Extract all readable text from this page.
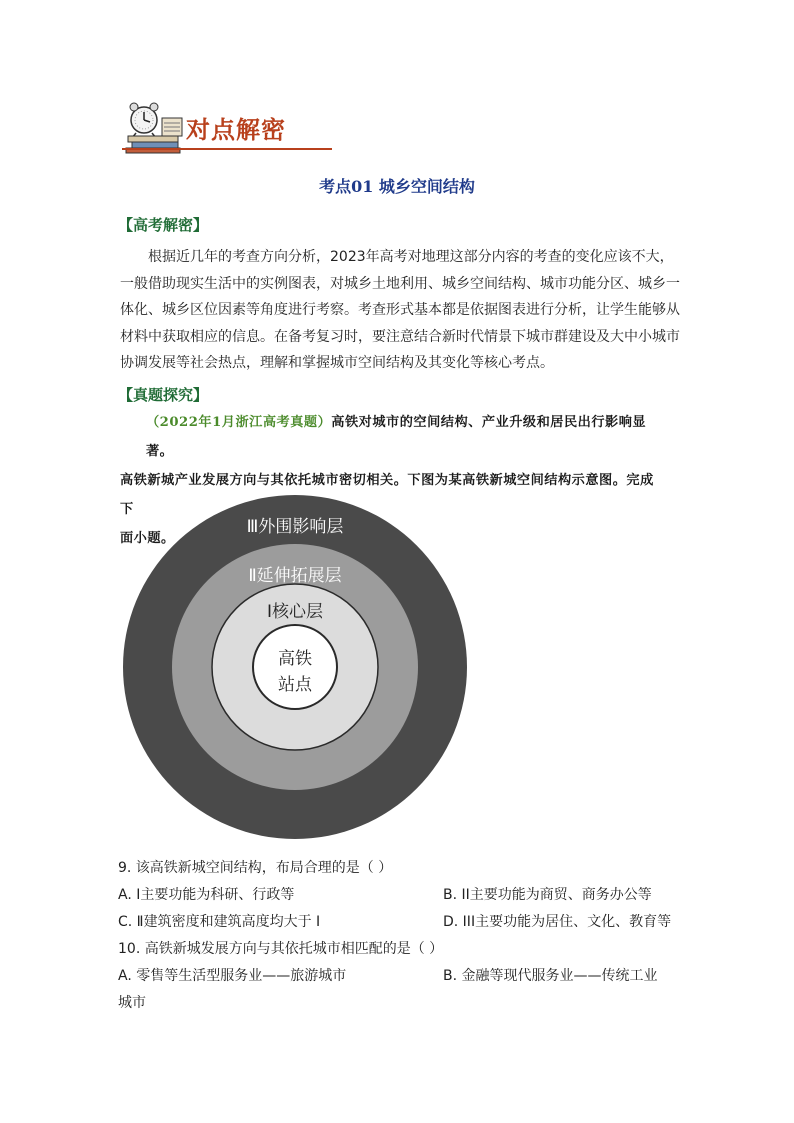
对点解密
考点01 城乡空间结构
【高考解密】
根据近几年的考查方向分析，2023年高考对地理这部分内容的考查的变化应该不大，
一般借助现实生活中的实例图表，对城乡土地利用、城乡空间结构、城市功能分区、城乡一
体化、城乡区位因素等角度进行考察。考查形式基本都是依据图表进行分析，让学生能够从
材料中获取相应的信息。在备考复习时，要注意结合新时代情景下城市群建设及大中小城市
协调发展等社会热点，理解和掌握城市空间结构及其变化等核心考点。
【真题探究】
（2022年1月浙江高考真题）高铁对城市的空间结构、产业升级和居民出行影响显著。
高铁新城产业发展方向与其依托城市密切相关。下图为某高铁新城空间结构示意图。完成下
面小题。
Ⅲ外围影响层
Ⅱ延伸拓展层
Ⅰ核心层
高铁
站点
9. 该高铁新城空间结构，布局合理的是（ ）
A. I主要功能为科研、行政等	B. II主要功能为商贸、商务办公等
C. Ⅱ建筑密度和建筑高度均大于 I	D. III主要功能为居住、文化、教育等
10. 高铁新城发展方向与其依托城市相匹配的是（ ）
A. 零售等生活型服务业——旅游城市	B. 金融等现代服务业——传统工业
城市
